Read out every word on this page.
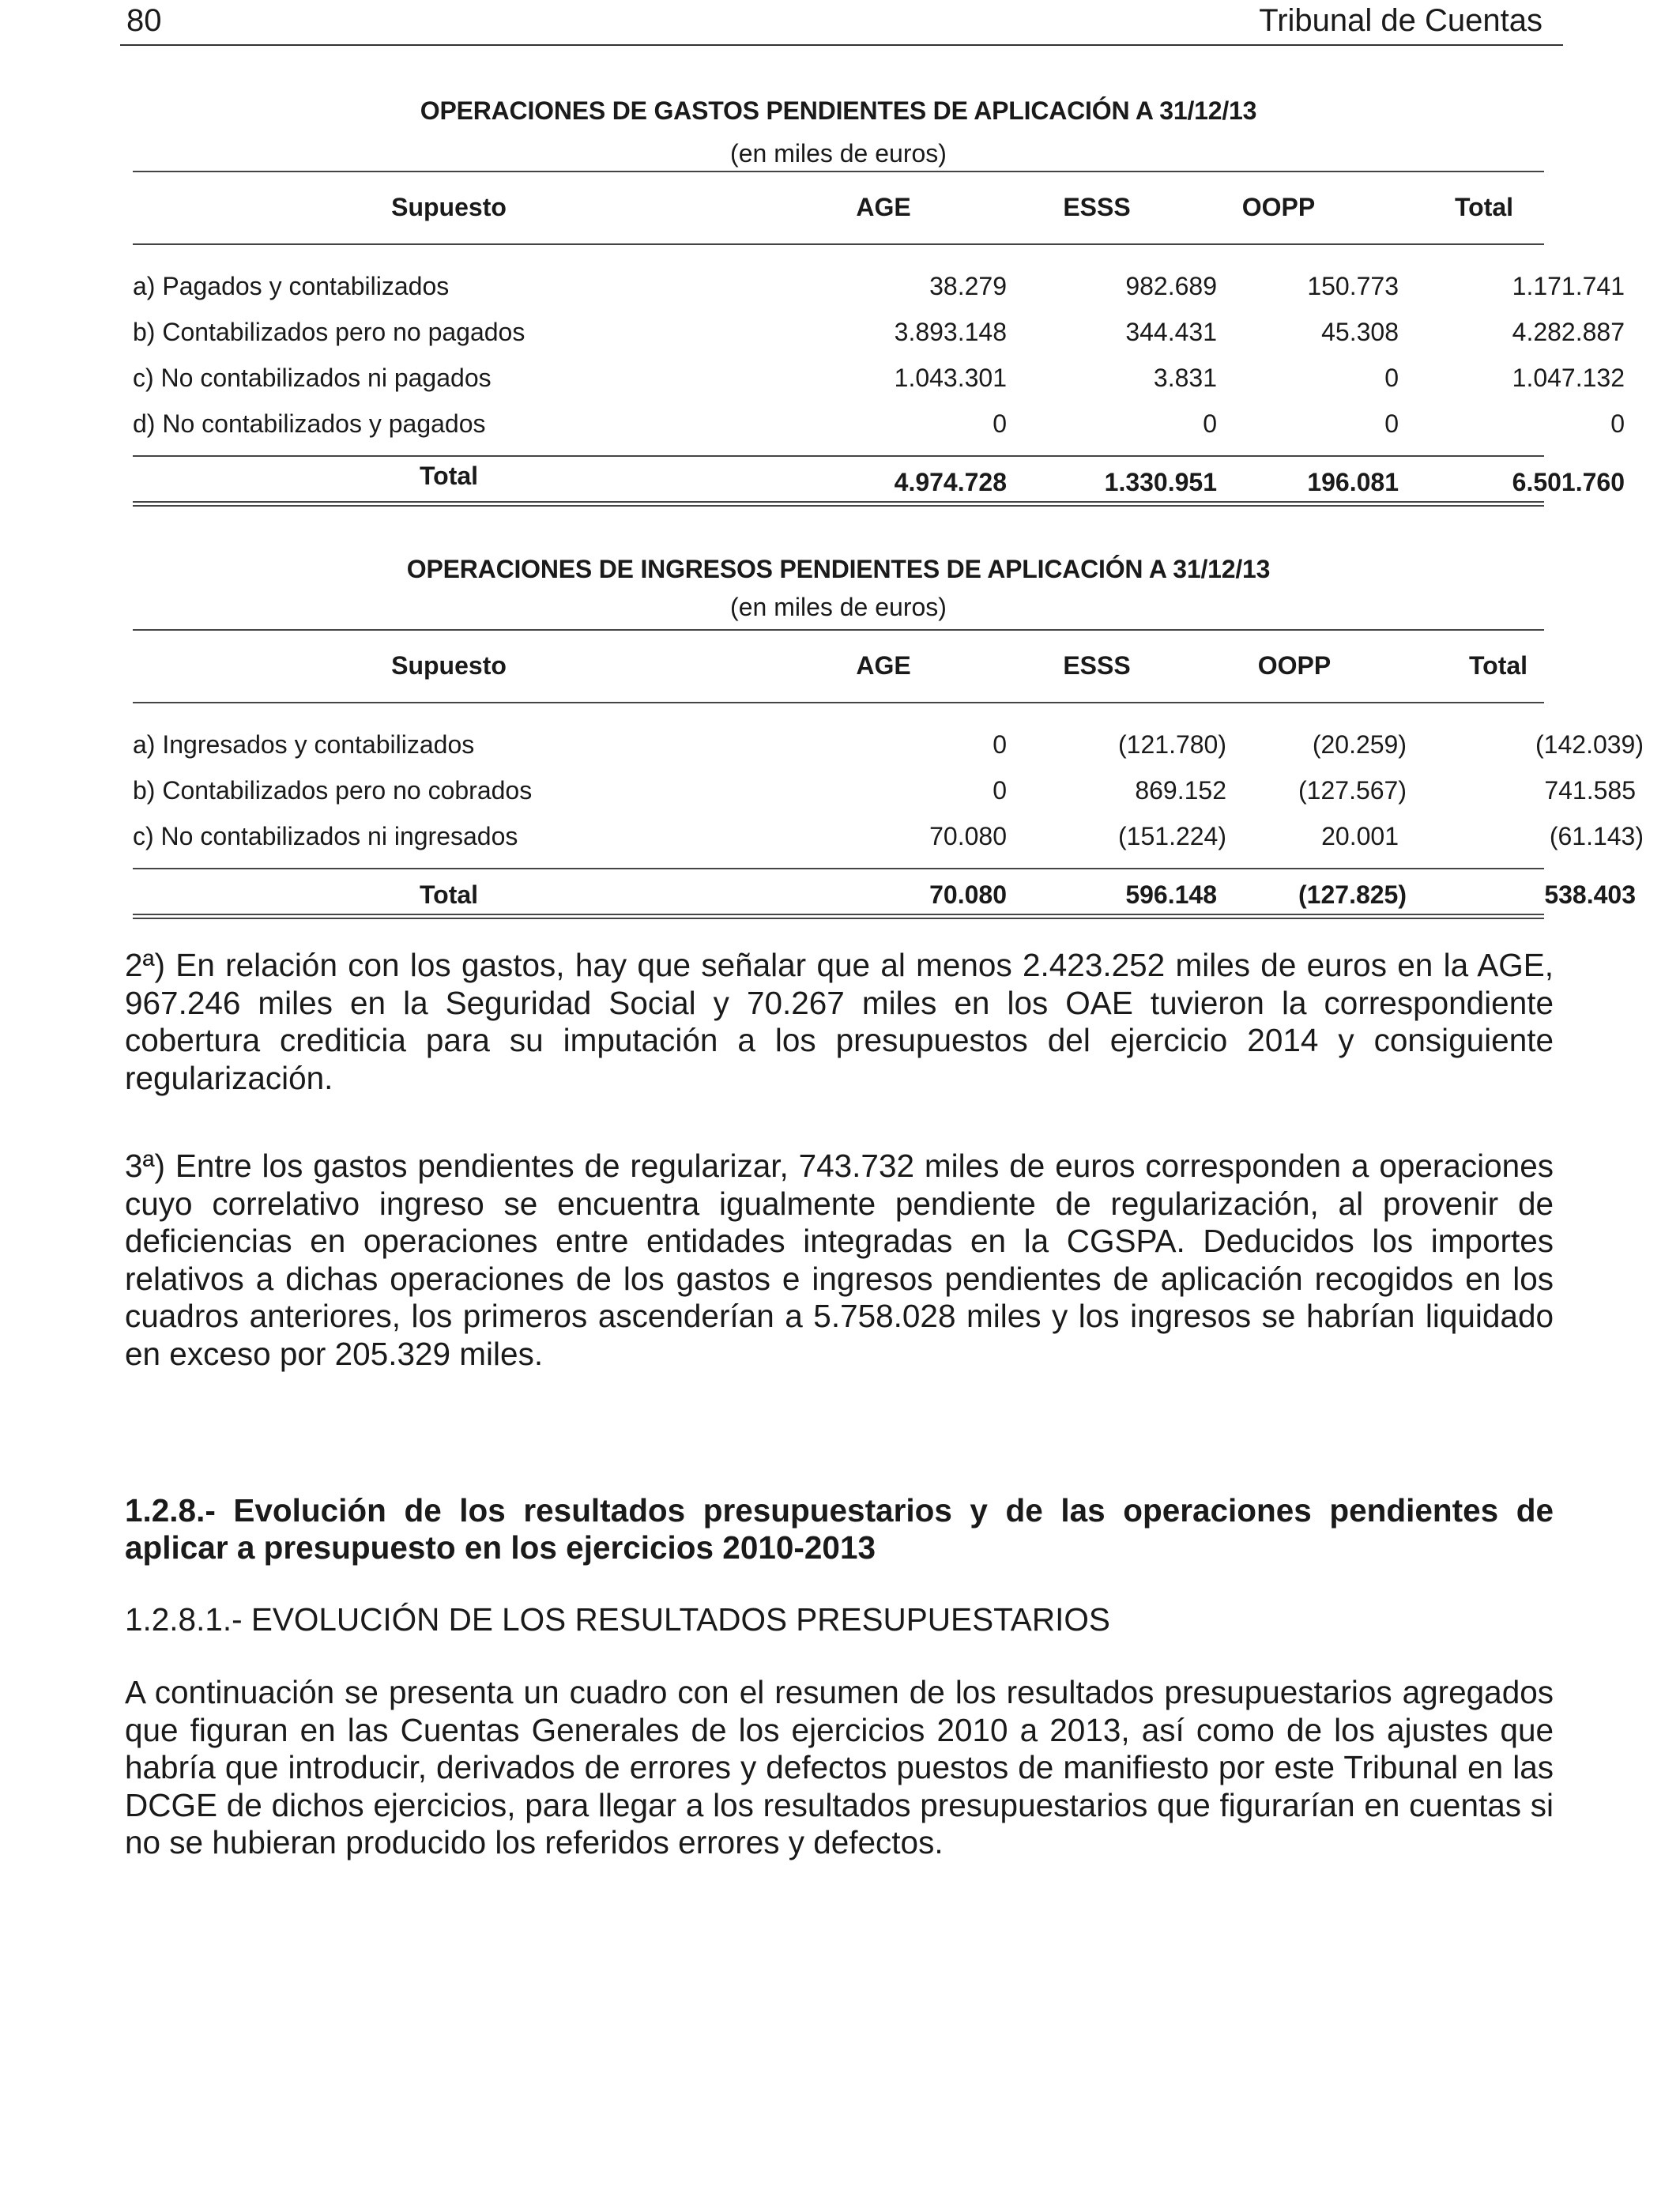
80	Tribunal de Cuentas
OPERACIONES DE GASTOS PENDIENTES DE APLICACIÓN A 31/12/13
(en miles de euros)
Supuesto	AGE	ESSS	OOPP	Total
a) Pagados y contabilizados	38.279	982.689	150.773	1.171.741
b) Contabilizados pero no pagados	3.893.148	344.431	45.308	4.282.887
c) No contabilizados ni pagados	1.043.301	3.831	0	1.047.132
d) No contabilizados y pagados	0	0	0	0
Total	4.974.728	1.330.951	196.081	6.501.760
OPERACIONES DE INGRESOS PENDIENTES DE APLICACIÓN A 31/12/13
(en miles de euros)
Supuesto	AGE	ESSS	OOPP	Total
a) Ingresados y contabilizados	0	(121.780)	(20.259)	(142.039)
b) Contabilizados pero no cobrados	0	869.152	(127.567)	741.585
c) No contabilizados ni ingresados	70.080	(151.224)	20.001	(61.143)
Total	70.080	596.148	(127.825)	538.403

2ª) En relación con los gastos, hay que señalar que al menos 2.423.252 miles de euros en la AGE, 967.246 miles en la Seguridad Social y 70.267 miles en los OAE tuvieron la correspondiente cobertura crediticia para su imputación a los presupuestos del ejercicio 2014 y consiguiente regularización.

3ª) Entre los gastos pendientes de regularizar, 743.732 miles de euros corresponden a operaciones cuyo correlativo ingreso se encuentra igualmente pendiente de regularización, al provenir de deficiencias en operaciones entre entidades integradas en la CGSPA. Deducidos los importes relativos a dichas operaciones de los gastos e ingresos pendientes de aplicación recogidos en los cuadros anteriores, los primeros ascenderían a 5.758.028 miles y los ingresos se habrían liquidado en exceso por 205.329 miles.

1.2.8.- Evolución de los resultados presupuestarios y de las operaciones pendientes de aplicar a presupuesto en los ejercicios 2010-2013
1.2.8.1.- EVOLUCIÓN DE LOS RESULTADOS PRESUPUESTARIOS

A continuación se presenta un cuadro con el resumen de los resultados presupuestarios agregados que figuran en las Cuentas Generales de los ejercicios 2010 a 2013, así como de los ajustes que habría que introducir, derivados de errores y defectos puestos de manifiesto por este Tribunal en las DCGE de dichos ejercicios, para llegar a los resultados presupuestarios que figurarían en cuentas si no se hubieran producido los referidos errores y defectos.
